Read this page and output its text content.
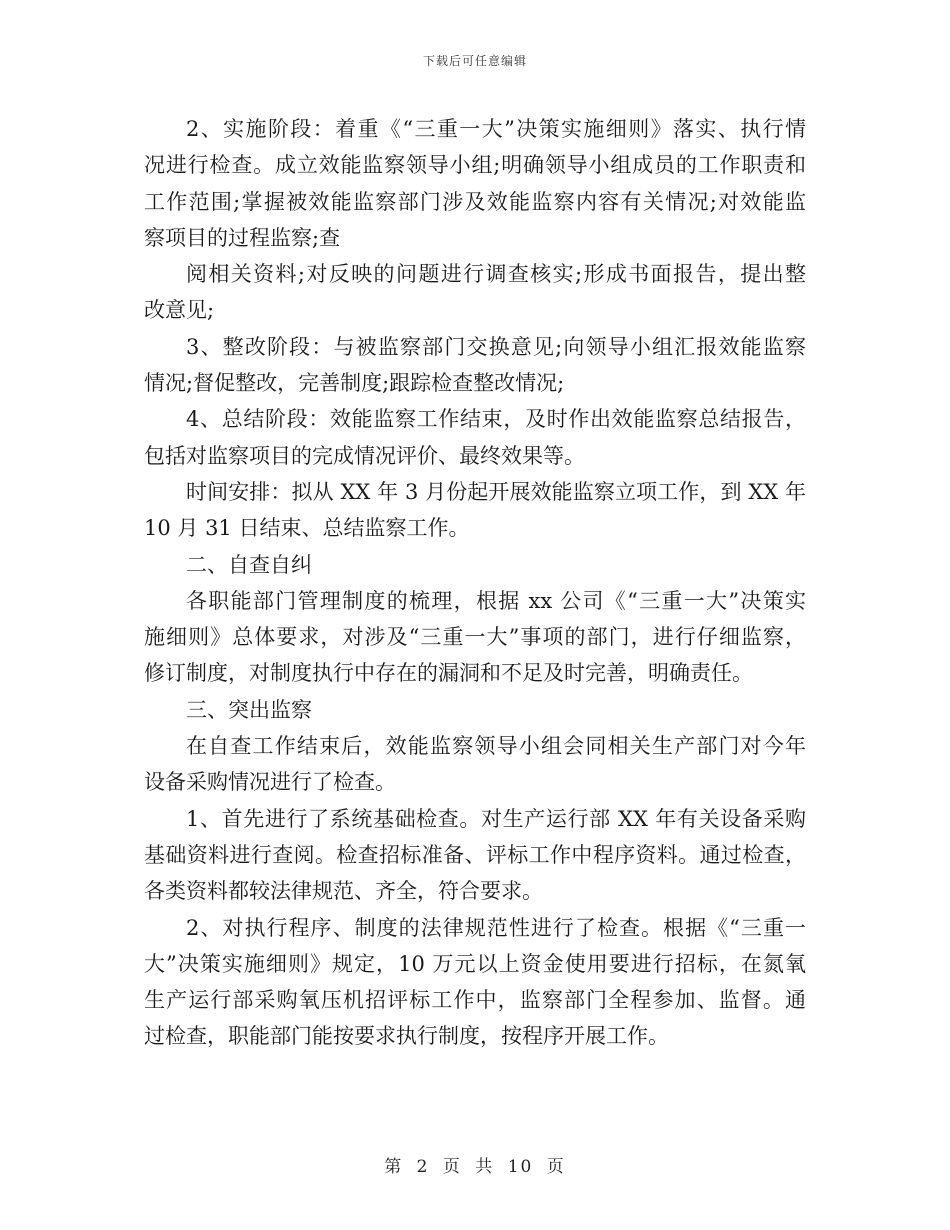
下载后可任意编辑
2、实施阶段：着重《“三重一大”决策实施细则》落实、执行情
况进行检查。成立效能监察领导小组;明确领导小组成员的工作职责和
工作范围;掌握被效能监察部门涉及效能监察内容有关情况;对效能监
察项目的过程监察;查
阅相关资料;对反映的问题进行调查核实;形成书面报告，提出整
改意见;
3、整改阶段：与被监察部门交换意见;向领导小组汇报效能监察
情况;督促整改，完善制度;跟踪检查整改情况;
4、总结阶段：效能监察工作结束，及时作出效能监察总结报告，
包括对监察项目的完成情况评价、最终效果等。
时间安排：拟从 XX 年 3 月份起开展效能监察立项工作，到 XX 年
10 月 31 日结束、总结监察工作。
二、自查自纠
各职能部门管理制度的梳理，根据 xx 公司《“三重一大”决策实
施细则》总体要求，对涉及“三重一大”事项的部门，进行仔细监察，
修订制度，对制度执行中存在的漏洞和不足及时完善，明确责任。
三、突出监察
在自查工作结束后，效能监察领导小组会同相关生产部门对今年
设备采购情况进行了检查。
1、首先进行了系统基础检查。对生产运行部 XX 年有关设备采购
基础资料进行查阅。检查招标准备、评标工作中程序资料。通过检查，
各类资料都较法律规范、齐全，符合要求。
2、对执行程序、制度的法律规范性进行了检查。根据《“三重一
大”决策实施细则》规定，10 万元以上资金使用要进行招标，在氮氧
生产运行部采购氧压机招评标工作中，监察部门全程参加、监督。通
过检查，职能部门能按要求执行制度，按程序开展工作。
第 2 页 共 10 页
